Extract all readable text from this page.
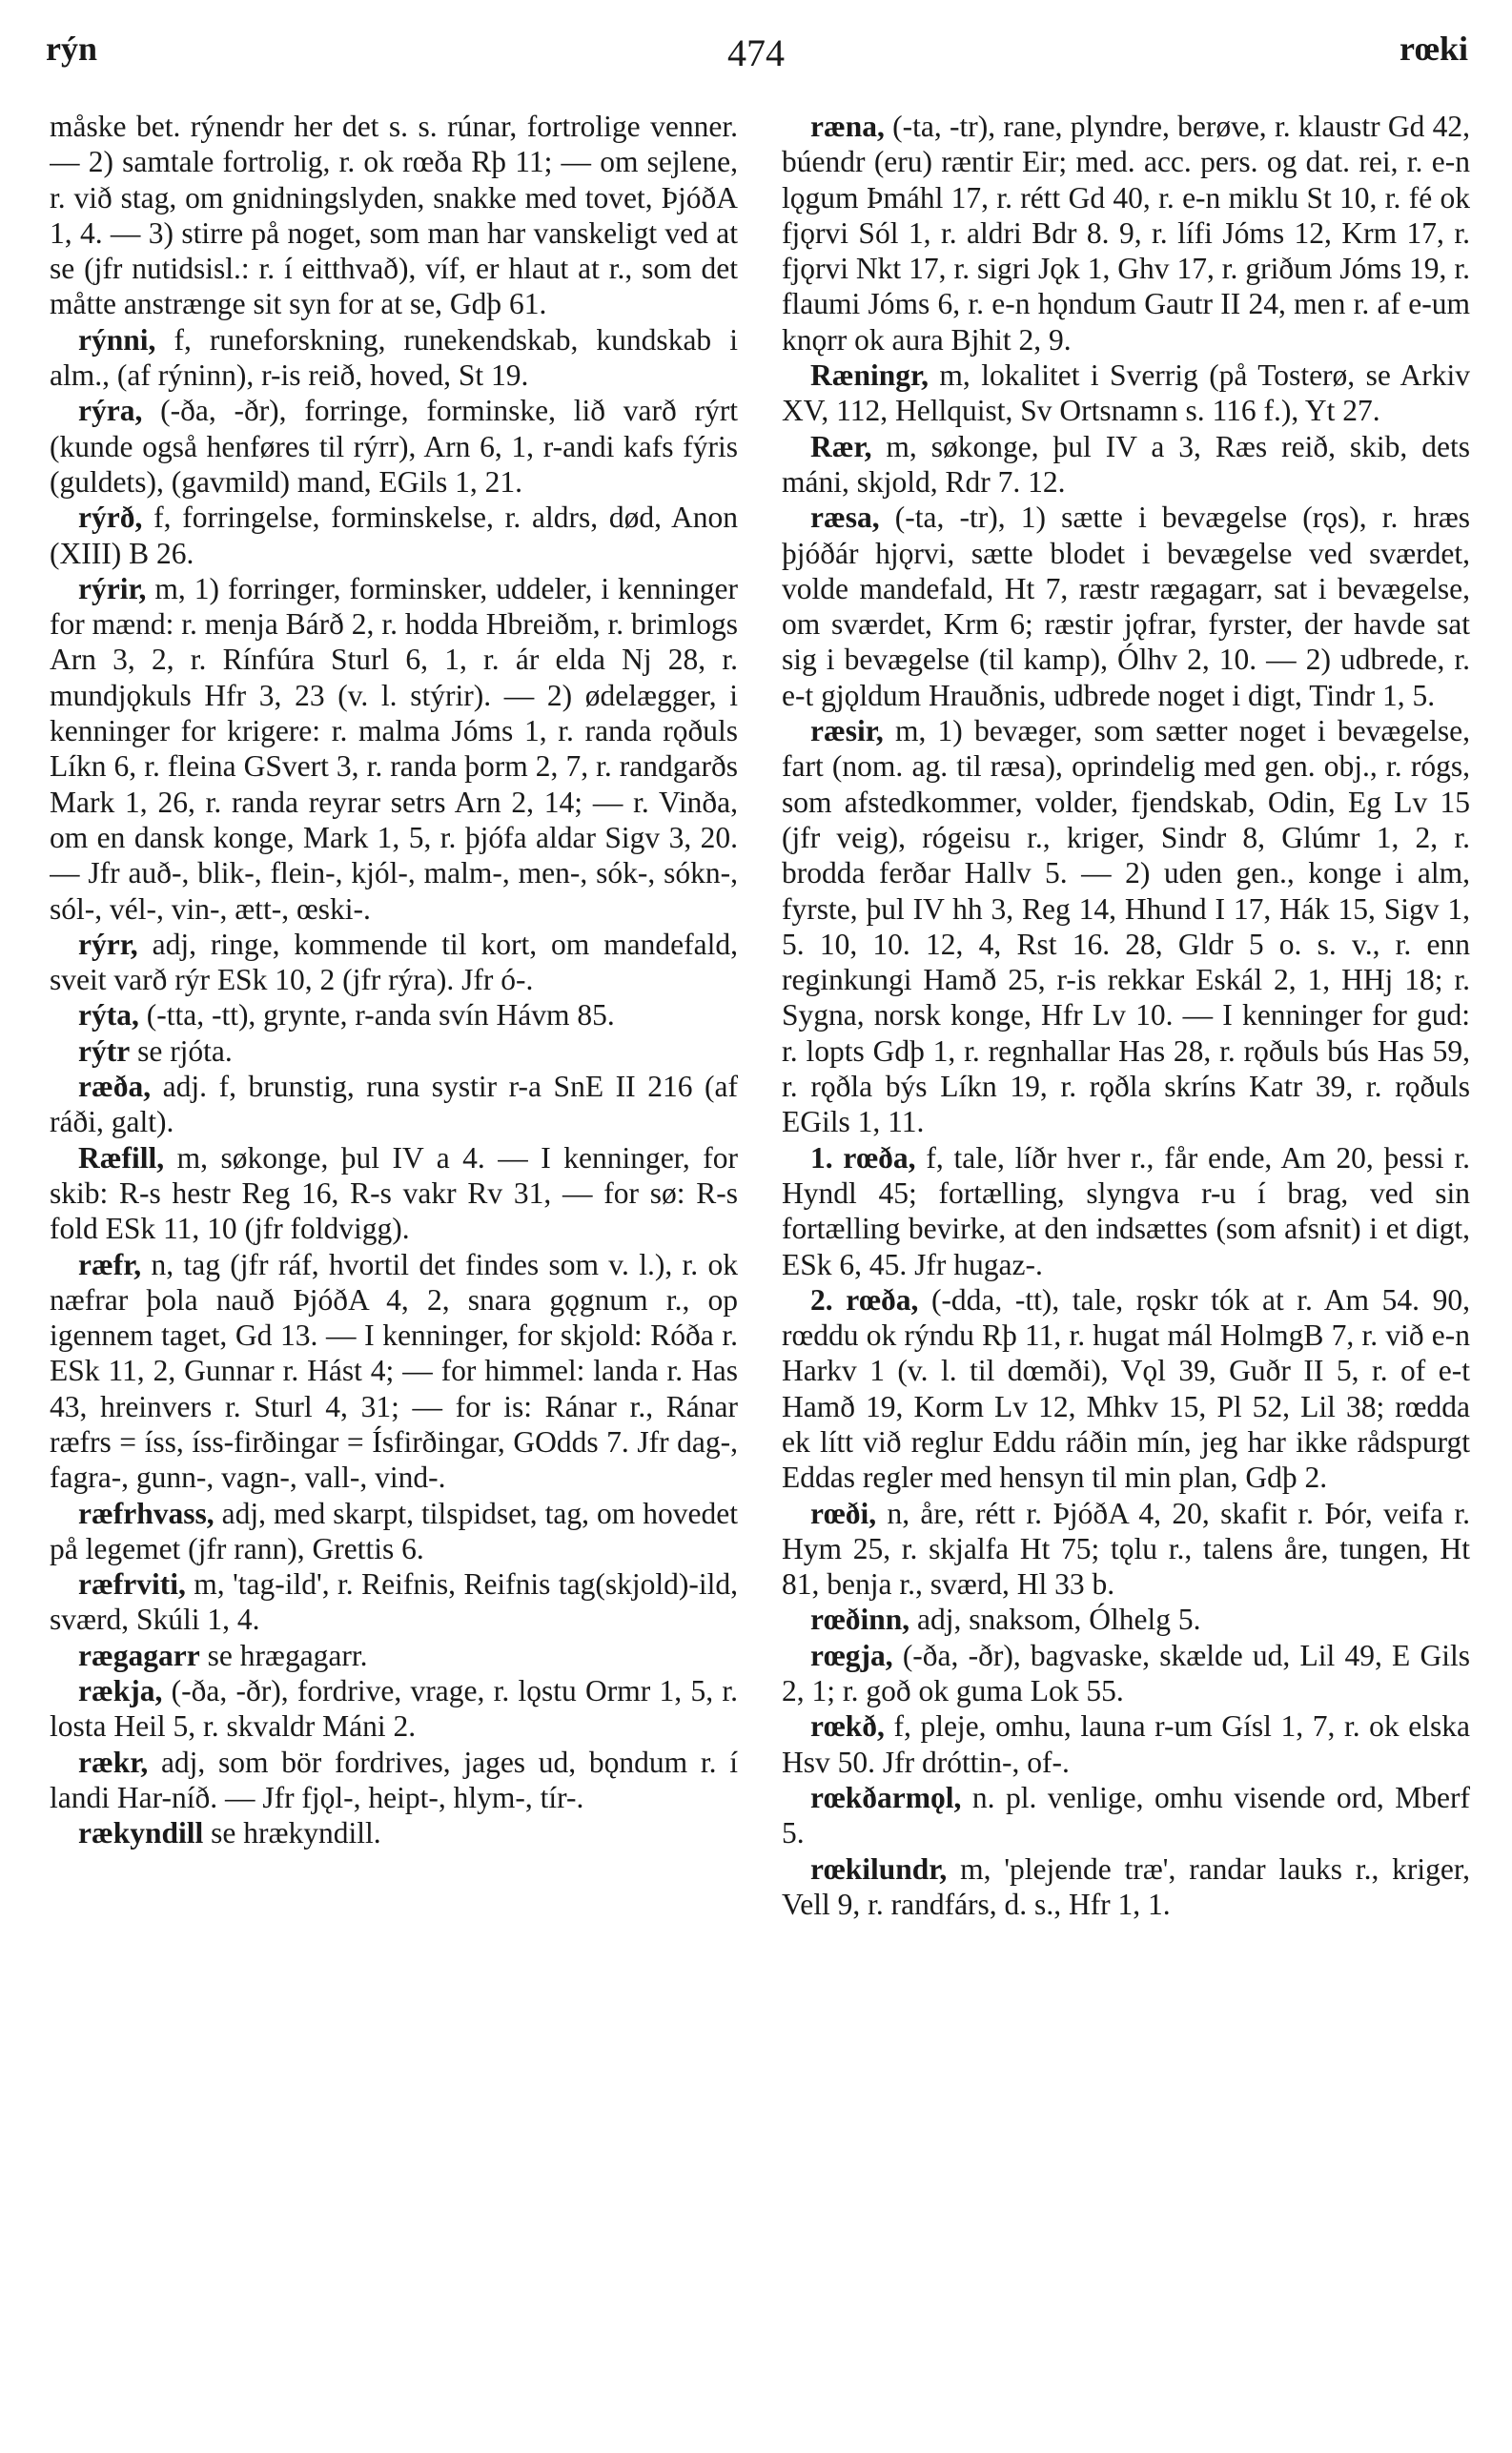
rýn	474	rœki
måske bet. rýnendr her det s. s. rúnar, fortrolige venner. — 2) samtale fortrolig, r. ok rœða Rþ 11; — om sejlene, r. við stag, om gnidningslyden, snakke med tovet, ÞjóðA 1, 4. — 3) stirre på noget, som man har vanskeligt ved at se (jfr nutidsisl.: r. í eitthvað), víf, er hlaut at r., som det måtte anstrænge sit syn for at se, Gdþ 61.
rýnni, f, runeforskning, runekendskab, kundskab i alm., (af rýninn), r-is reið, hoved, St 19.
rýra, (-ða, -ðr), forringe, forminske, lið varð rýrt (kunde også henføres til rýrr), Arn 6, 1, r-andi kafs fýris (guldets), (gavmild) mand, EGils 1, 21.
rýrð, f, forringelse, forminskelse, r. aldrs, død, Anon (XIII) B 26.
rýrir, m, 1) forringer, forminsker, uddeler, i kenninger for mænd: r. menja Bárð 2, r. hodda Hbreiðm, r. brimlogs Arn 3, 2, r. Rínfúra Sturl 6, 1, r. ár elda Nj 28, r. mundjǫkuls Hfr 3, 23 (v. l. stýrir). — 2) ødelægger, i kenninger for krigere: r. malma Jóms 1, r. randa rǫðuls Líkn 6, r. fleina GSvert 3, r. randa þorm 2, 7, r. randgarðs Mark 1, 26, r. randa reyrar setrs Arn 2, 14; — r. Vinða, om en dansk konge, Mark 1, 5, r. þjófa aldar Sigv 3, 20. — Jfr auð-, blik-, flein-, kjól-, malm-, men-, sók-, sókn-, sól-, vél-, vin-, ætt-, œski-.
rýrr, adj, ringe, kommende til kort, om mandefald, sveit varð rýr ESk 10, 2 (jfr rýra). Jfr ó-.
rýta, (-tta, -tt), grynte, r-anda svín Hávm 85.
rýtr se rjóta.
ræða, adj. f, brunstig, runa systir r-a SnE II 216 (af ráði, galt).
Ræfill, m, søkonge, þul IV a 4. — I kenninger, for skib: R-s hestr Reg 16, R-s vakr Rv 31, — for sø: R-s fold ESk 11, 10 (jfr foldvigg).
ræfr, n, tag (jfr ráf, hvortil det findes som v. l.), r. ok næfrar þola nauð ÞjóðA 4, 2, snara gǫgnum r., op igennem taget, Gd 13. — I kenninger, for skjold: Róða r. ESk 11, 2, Gunnar r. Hást 4; — for himmel: landa r. Has 43, hreinvers r. Sturl 4, 31; — for is: Ránar r., Ránar ræfrs = íss, íss-firðingar = Ísfirðingar, GOdds 7. Jfr dag-, fagra-, gunn-, vagn-, vall-, vind-.
ræfrhvass, adj, med skarpt, tilspidset, tag, om hovedet på legemet (jfr rann), Grettis 6.
ræfrviti, m, 'tag-ild', r. Reifnis, Reifnis tag(skjold)-ild, sværd, Skúli 1, 4.
rægagarr se hrægagarr.
rækja, (-ða, -ðr), fordrive, vrage, r. lǫstu Ormr 1, 5, r. losta Heil 5, r. skvaldr Máni 2.
rækr, adj, som bör fordrives, jages ud, bǫndum r. í landi Har-níð. — Jfr fjǫl-, heipt-, hlym-, tír-.
rækyndill se hrækyndill.
ræna, (-ta, -tr), rane, plyndre, berøve, r. klaustr Gd 42, búendr (eru) ræntir Eir; med. acc. pers. og dat. rei, r. e-n lǫgum Þmáhl 17, r. rétt Gd 40, r. e-n miklu St 10, r. fé ok fjǫrvi Sól 1, r. aldri Bdr 8. 9, r. lífi Jóms 12, Krm 17, r. fjǫrvi Nkt 17, r. sigri Jǫk 1, Ghv 17, r. griðum Jóms 19, r. flaumi Jóms 6, r. e-n hǫndum Gautr II 24, men r. af e-um knǫrr ok aura Bjhit 2, 9.
Ræningr, m, lokalitet i Sverrig (på Tosterø, se Arkiv XV, 112, Hellquist, Sv Ortsnamn s. 116 f.), Yt 27.
Rær, m, søkonge, þul IV a 3, Ræs reið, skib, dets máni, skjold, Rdr 7. 12.
ræsa, (-ta, -tr), 1) sætte i bevægelse (rǫs), r. hræs þjóðár hjǫrvi, sætte blodet i bevægelse ved sværdet, volde mandefald, Ht 7, ræstr rægagarr, sat i bevægelse, om sværdet, Krm 6; ræstir jǫfrar, fyrster, der havde sat sig i bevægelse (til kamp), Ólhv 2, 10. — 2) udbrede, r. e-t gjǫldum Hrauðnis, udbrede noget i digt, Tindr 1, 5.
ræsir, m, 1) bevæger, som sætter noget i bevægelse, fart (nom. ag. til ræsa), oprindelig med gen. obj., r. rógs, som afstedkommer, volder, fjendskab, Odin, Eg Lv 15 (jfr veig), rógeisu r., kriger, Sindr 8, Glúmr 1, 2, r. brodda ferðar Hallv 5. — 2) uden gen., konge i alm, fyrste, þul IV hh 3, Reg 14, Hhund I 17, Hák 15, Sigv 1, 5. 10, 10. 12, 4, Rst 16. 28, Gldr 5 o. s. v., r. enn reginkungi Hamð 25, r-is rekkar Eskál 2, 1, HHj 18; r. Sygna, norsk konge, Hfr Lv 10. — I kenninger for gud: r. lopts Gdþ 1, r. regnhallar Has 28, r. rǫðuls bús Has 59, r. rǫðla býs Líkn 19, r. rǫðla skríns Katr 39, r. rǫðuls EGils 1, 11.
1. rœða, f, tale, líðr hver r., får ende, Am 20, þessi r. Hyndl 45; fortælling, slyngva r-u í brag, ved sin fortælling bevirke, at den indsættes (som afsnit) i et digt, ESk 6, 45. Jfr hugaz-.
2. rœða, (-dda, -tt), tale, rǫskr tók at r. Am 54. 90, rœddu ok rýndu Rþ 11, r. hugat mál HolmgB 7, r. við e-n Harkv 1 (v. l. til dœmði), Vǫl 39, Guðr II 5, r. of e-t Hamð 19, Korm Lv 12, Mhkv 15, Pl 52, Lil 38; rœdda ek lítt við reglur Eddu ráðin mín, jeg har ikke rådspurgt Eddas regler med hensyn til min plan, Gdþ 2.
rœði, n, åre, rétt r. ÞjóðA 4, 20, skafit r. Þór, veifa r. Hym 25, r. skjalfa Ht 75; tǫlu r., talens åre, tungen, Ht 81, benja r., sværd, Hl 33 b.
rœðinn, adj, snaksom, Ólhelg 5.
rœgja, (-ða, -ðr), bagvaske, skælde ud, Lil 49, E Gils 2, 1; r. goð ok guma Lok 55.
rœkð, f, pleje, omhu, launa r-um Gísl 1, 7, r. ok elska Hsv 50. Jfr dróttin-, of-.
rœkðarmǫl, n. pl. venlige, omhu visende ord, Mberf 5.
rœkilundr, m, 'plejende træ', randar lauks r., kriger, Vell 9, r. randfárs, d. s., Hfr 1, 1.
